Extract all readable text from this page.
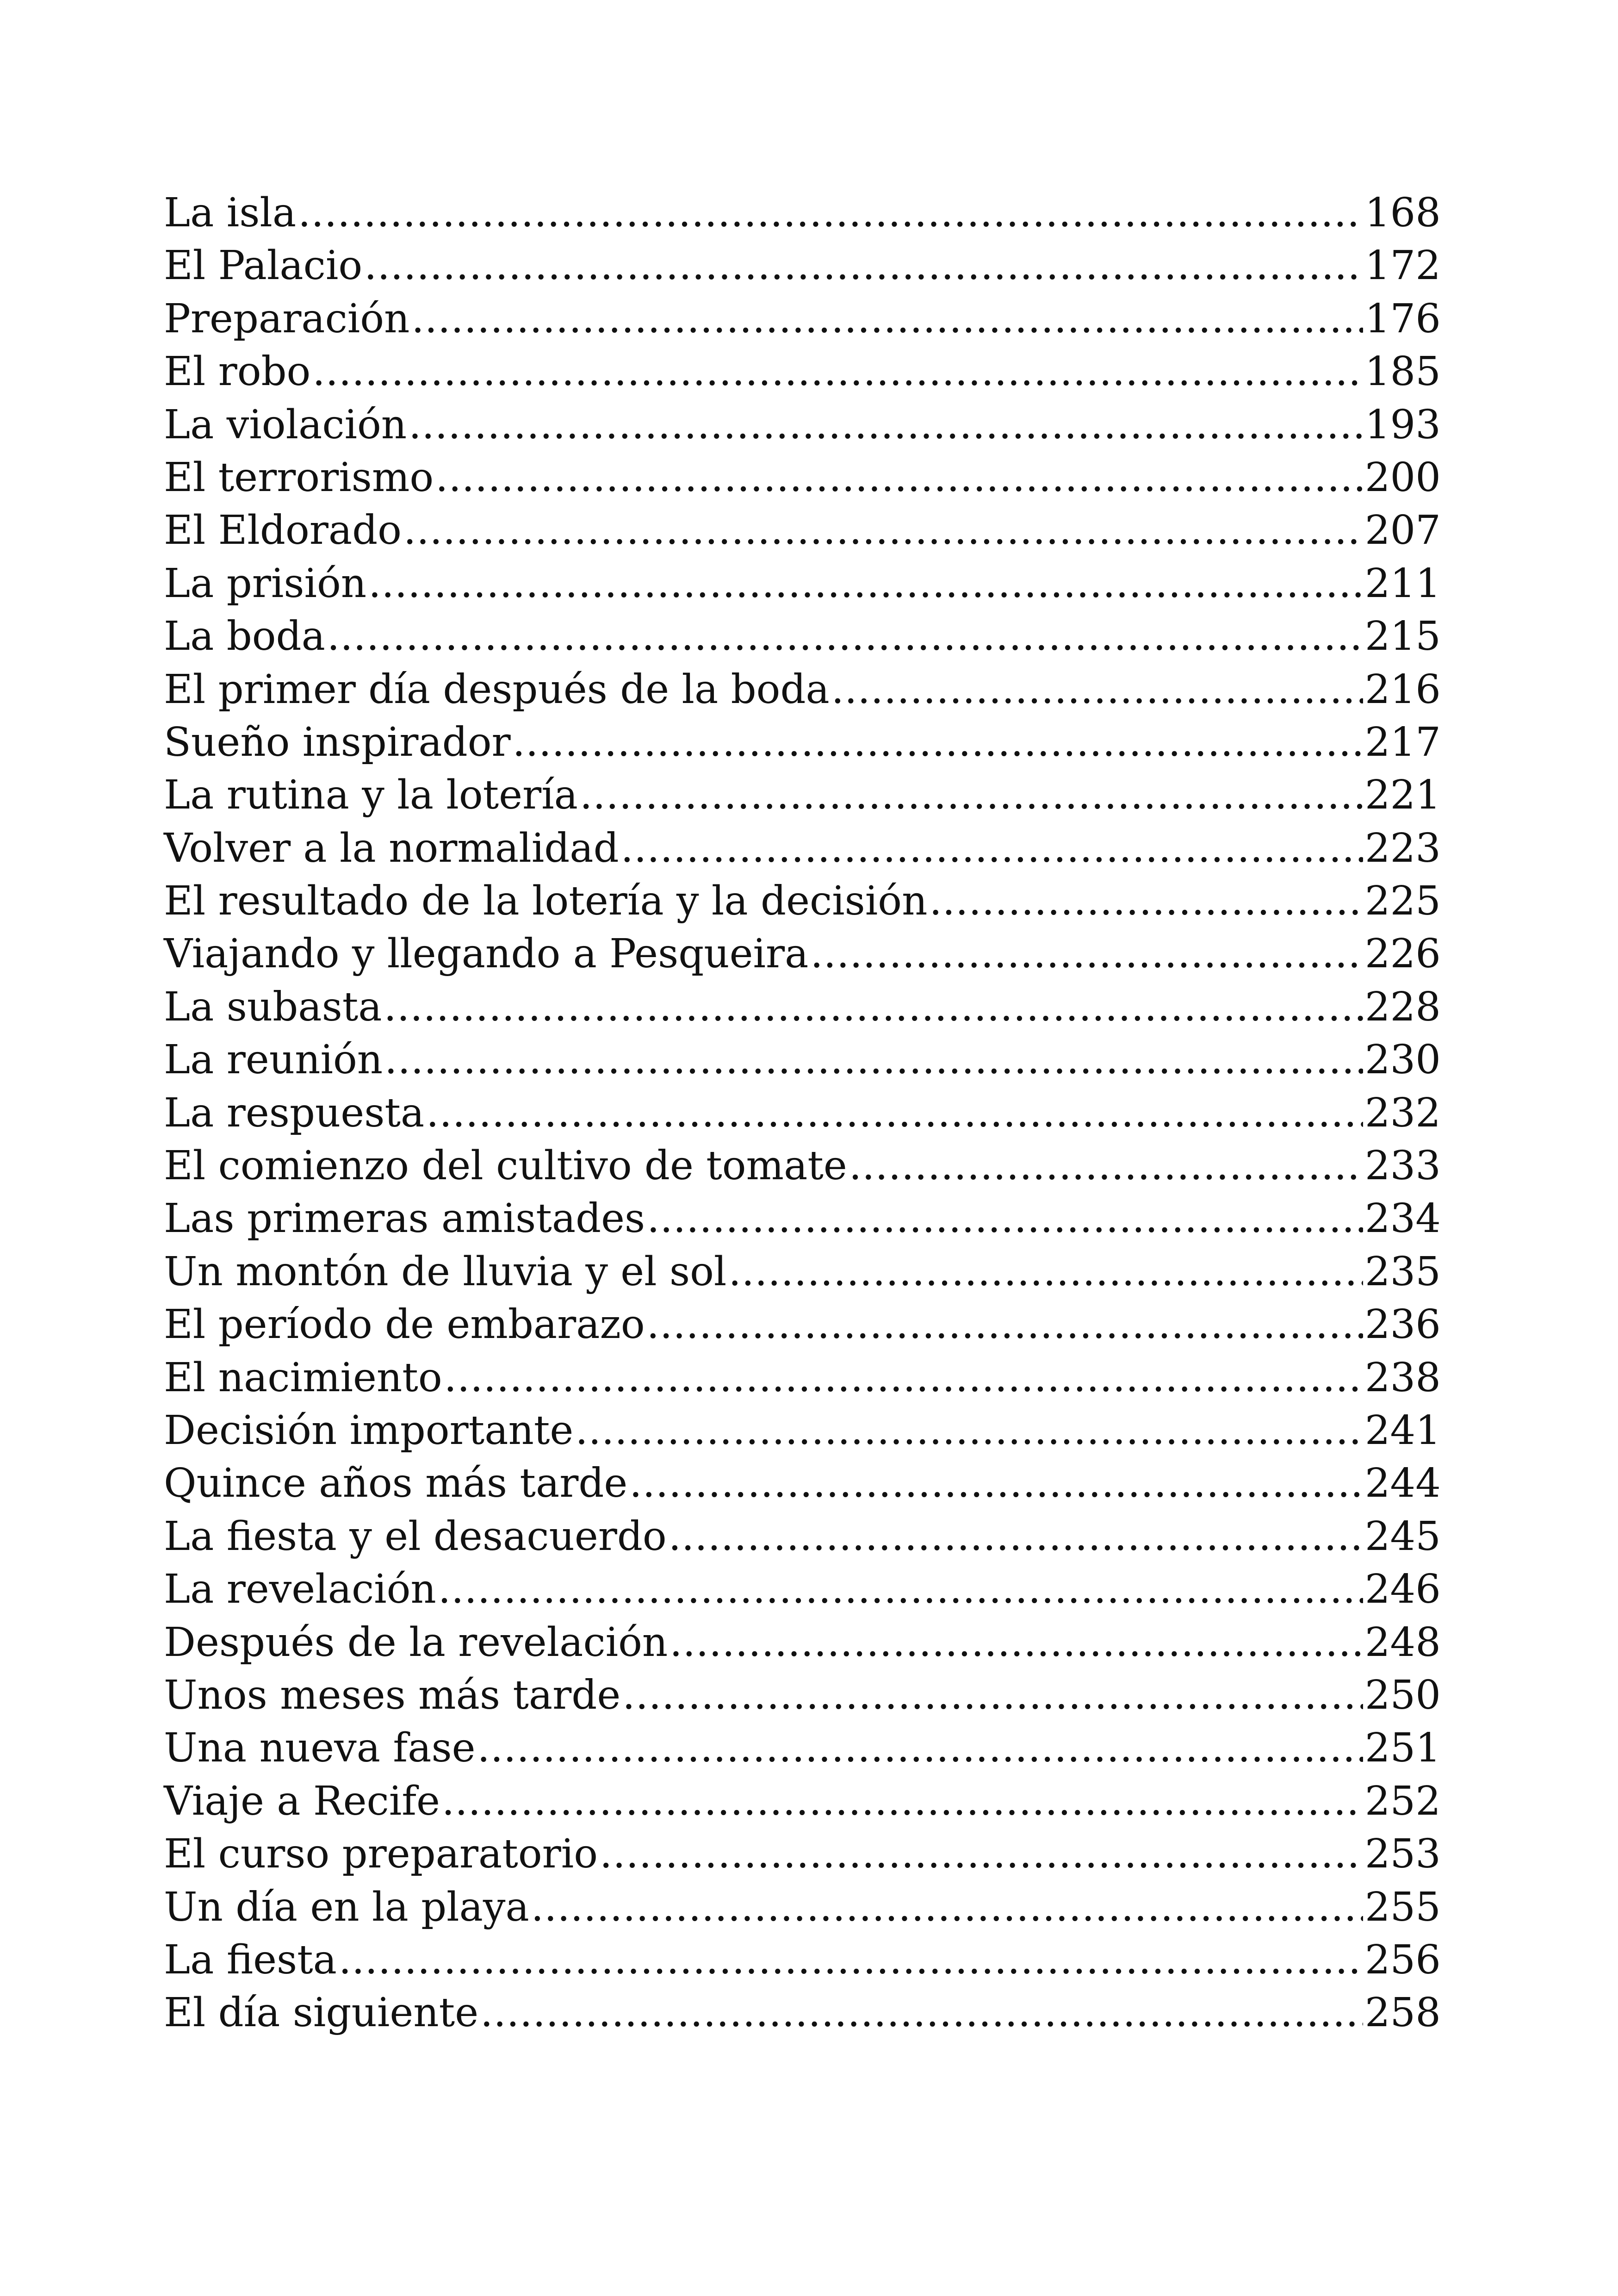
La isla .....	168
El Palacio .....	172
Preparación .....	176
El robo .....	185
La violación .....	193
El terrorismo .....	200
El Eldorado .....	207
La prisión .....	211
La boda .....	215
El primer día después de la boda .....	216
Sueño inspirador .....	217
La rutina y la lotería .....	221
Volver a la normalidad .....	223
El resultado de la lotería y la decisión .....	225
Viajando y llegando a Pesqueira .....	226
La subasta .....	228
La reunión .....	230
La respuesta .....	232
El comienzo del cultivo de tomate .....	233
Las primeras amistades .....	234
Un montón de lluvia y el sol .....	235
El período de embarazo .....	236
El nacimiento .....	238
Decisión importante .....	241
Quince años más tarde .....	244
La fiesta y el desacuerdo .....	245
La revelación .....	246
Después de la revelación .....	248
Unos meses más tarde .....	250
Una nueva fase .....	251
Viaje a Recife .....	252
El curso preparatorio .....	253
Un día en la playa .....	255
La fiesta .....	256
El día siguiente .....	258
